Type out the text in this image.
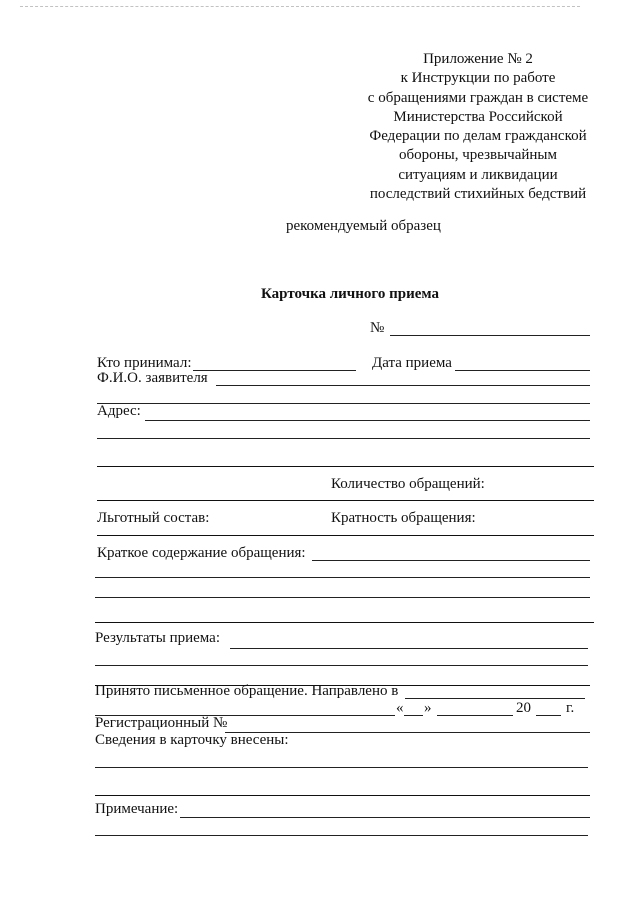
Приложение № 2
к Инструкции по работе
с обращениями граждан в системе
Министерства Российской
Федерации по делам гражданской
обороны, чрезвычайным
ситуациям и ликвидации
последствий стихийных бедствий
рекомендуемый образец
Карточка личного приема
№
Кто принимал:	Дата приема
Ф.И.О. заявителя
Адрес:
Количество обращений:
Льготный состав:	Кратность обращения:
Краткое содержание обращения:
Результаты приема:
Принято письменное обращение. Направлено в
« »	20 г.
Регистрационный №
Сведения в карточку внесены:
Примечание:
